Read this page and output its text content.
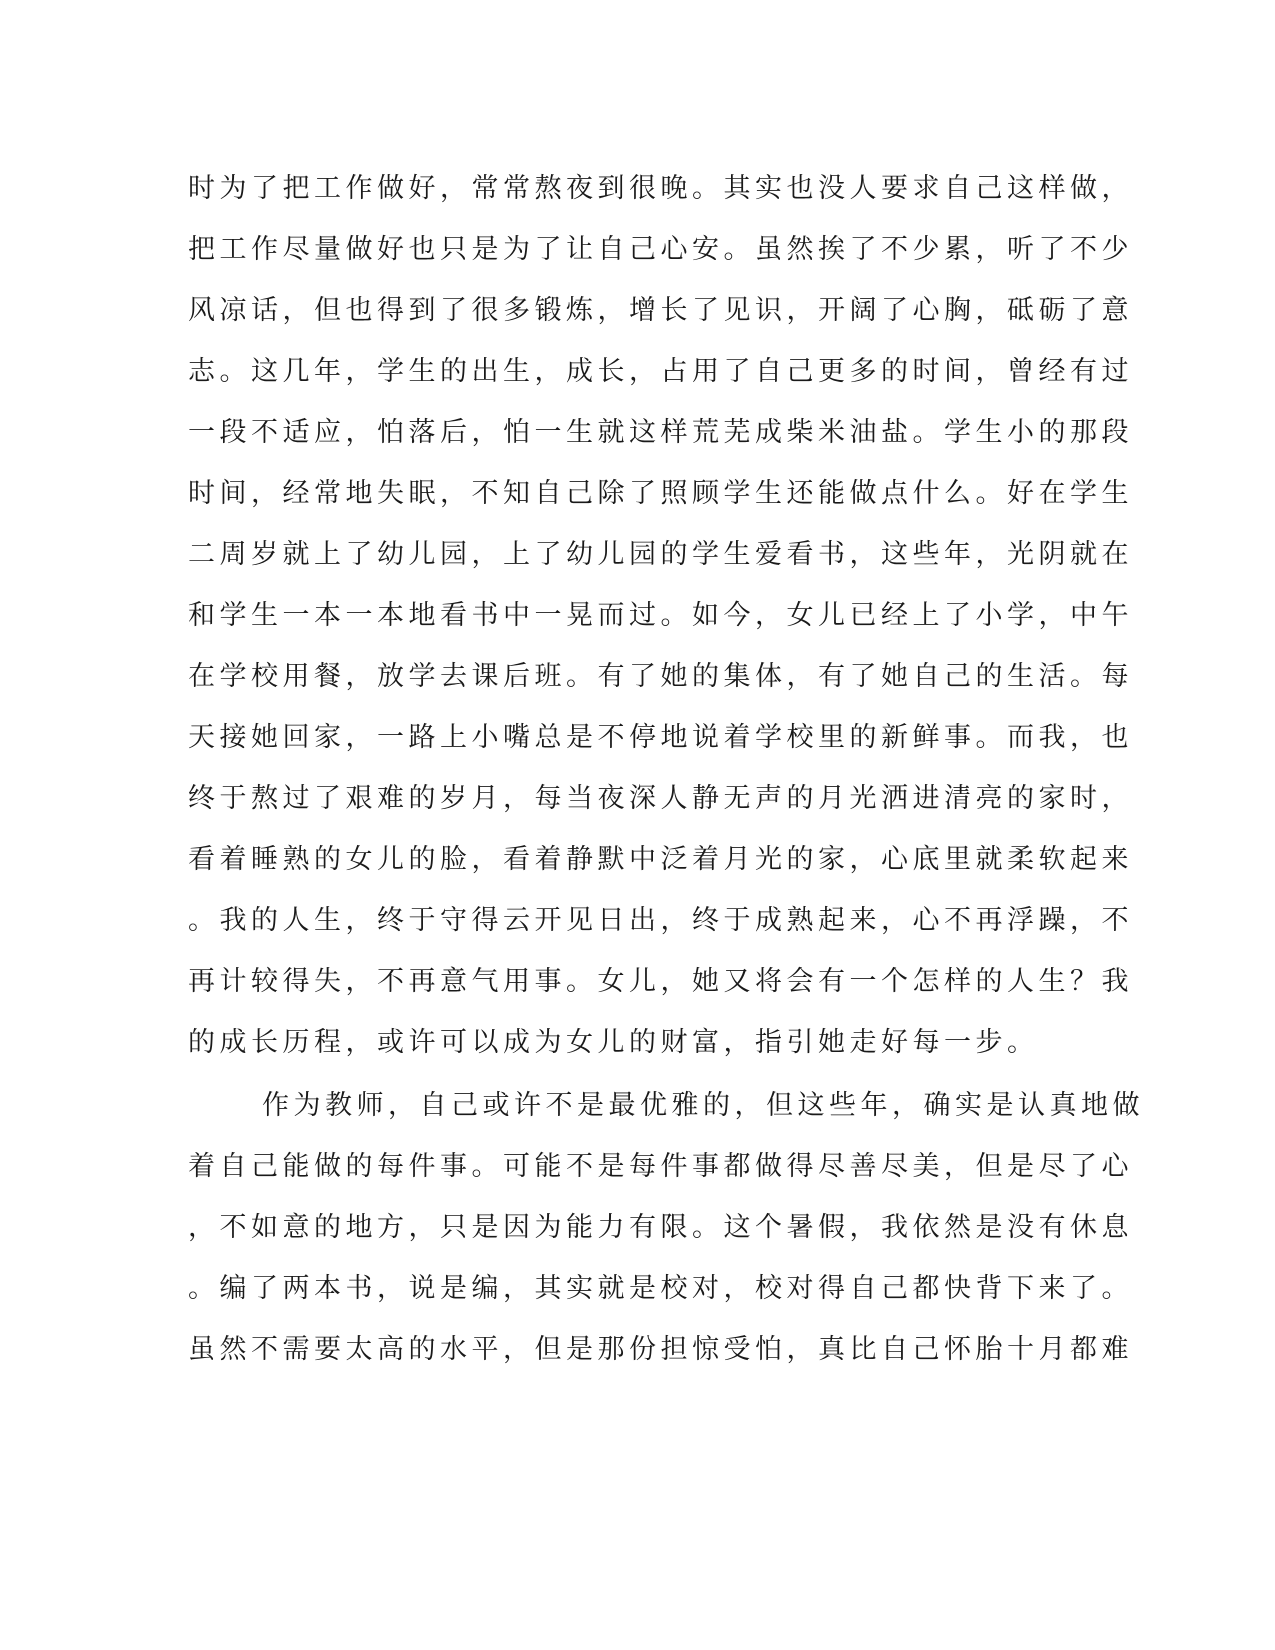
时为了把工作做好，常常熬夜到很晚。其实也没人要求自己这样做，
把工作尽量做好也只是为了让自己心安。虽然挨了不少累，听了不少
风凉话，但也得到了很多锻炼，增长了见识，开阔了心胸，砥砺了意
志。这几年，学生的出生，成长，占用了自己更多的时间，曾经有过
一段不适应，怕落后，怕一生就这样荒芜成柴米油盐。学生小的那段
时间，经常地失眠，不知自己除了照顾学生还能做点什么。好在学生
二周岁就上了幼儿园，上了幼儿园的学生爱看书，这些年，光阴就在
和学生一本一本地看书中一晃而过。如今，女儿已经上了小学，中午
在学校用餐，放学去课后班。有了她的集体，有了她自己的生活。每
天接她回家，一路上小嘴总是不停地说着学校里的新鲜事。而我，也
终于熬过了艰难的岁月，每当夜深人静无声的月光洒进清亮的家时，
看着睡熟的女儿的脸，看着静默中泛着月光的家，心底里就柔软起来
。我的人生，终于守得云开见日出，终于成熟起来，心不再浮躁，不
再计较得失，不再意气用事。女儿，她又将会有一个怎样的人生？我
的成长历程，或许可以成为女儿的财富，指引她走好每一步。
作为教师，自己或许不是最优雅的，但这些年，确实是认真地做
着自己能做的每件事。可能不是每件事都做得尽善尽美，但是尽了心
，不如意的地方，只是因为能力有限。这个暑假，我依然是没有休息
。编了两本书，说是编，其实就是校对，校对得自己都快背下来了。
虽然不需要太高的水平，但是那份担惊受怕，真比自己怀胎十月都难
